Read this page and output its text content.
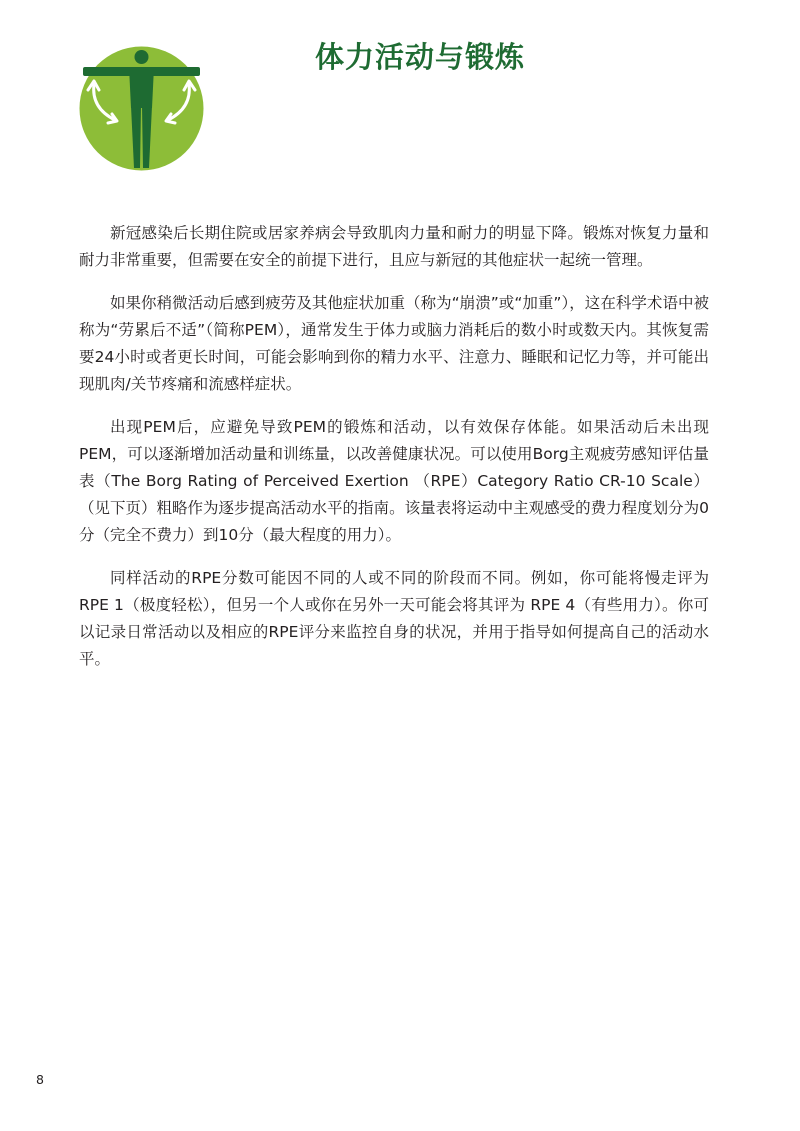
体力活动与锻炼

新冠感染后长期住院或居家养病会导致肌肉力量和耐力的明显下降。锻炼对恢复力量和耐力非常重要，但需要在安全的前提下进行，且应与新冠的其他症状一起统一管理。

如果你稍微活动后感到疲劳及其他症状加重（称为“崩溃”或“加重”），这在科学术语中被称为“劳累后不适”（简称PEM），通常发生于体力或脑力消耗后的数小时或数天内。其恢复需要24小时或者更长时间，可能会影响到你的精力水平、注意力、睡眠和记忆力等，并可能出现肌肉/关节疼痛和流感样症状。

出现PEM后，应避免导致PEM的锻炼和活动，以有效保存体能。如果活动后未出现PEM，可以逐渐增加活动量和训练量，以改善健康状况。可以使用Borg主观疲劳感知评估量表（The Borg Rating of Perceived Exertion （RPE）Category Ratio CR-10 Scale）（见下页）粗略作为逐步提高活动水平的指南。该量表将运动中主观感受的费力程度划分为0分（完全不费力）到10分（最大程度的用力）。

同样活动的RPE分数可能因不同的人或不同的阶段而不同。例如，你可能将慢走评为RPE 1（极度轻松），但另一个人或你在另外一天可能会将其评为 RPE 4（有些用力）。你可以记录日常活动以及相应的RPE评分来监控自身的状况，并用于指导如何提高自己的活动水平。

8
